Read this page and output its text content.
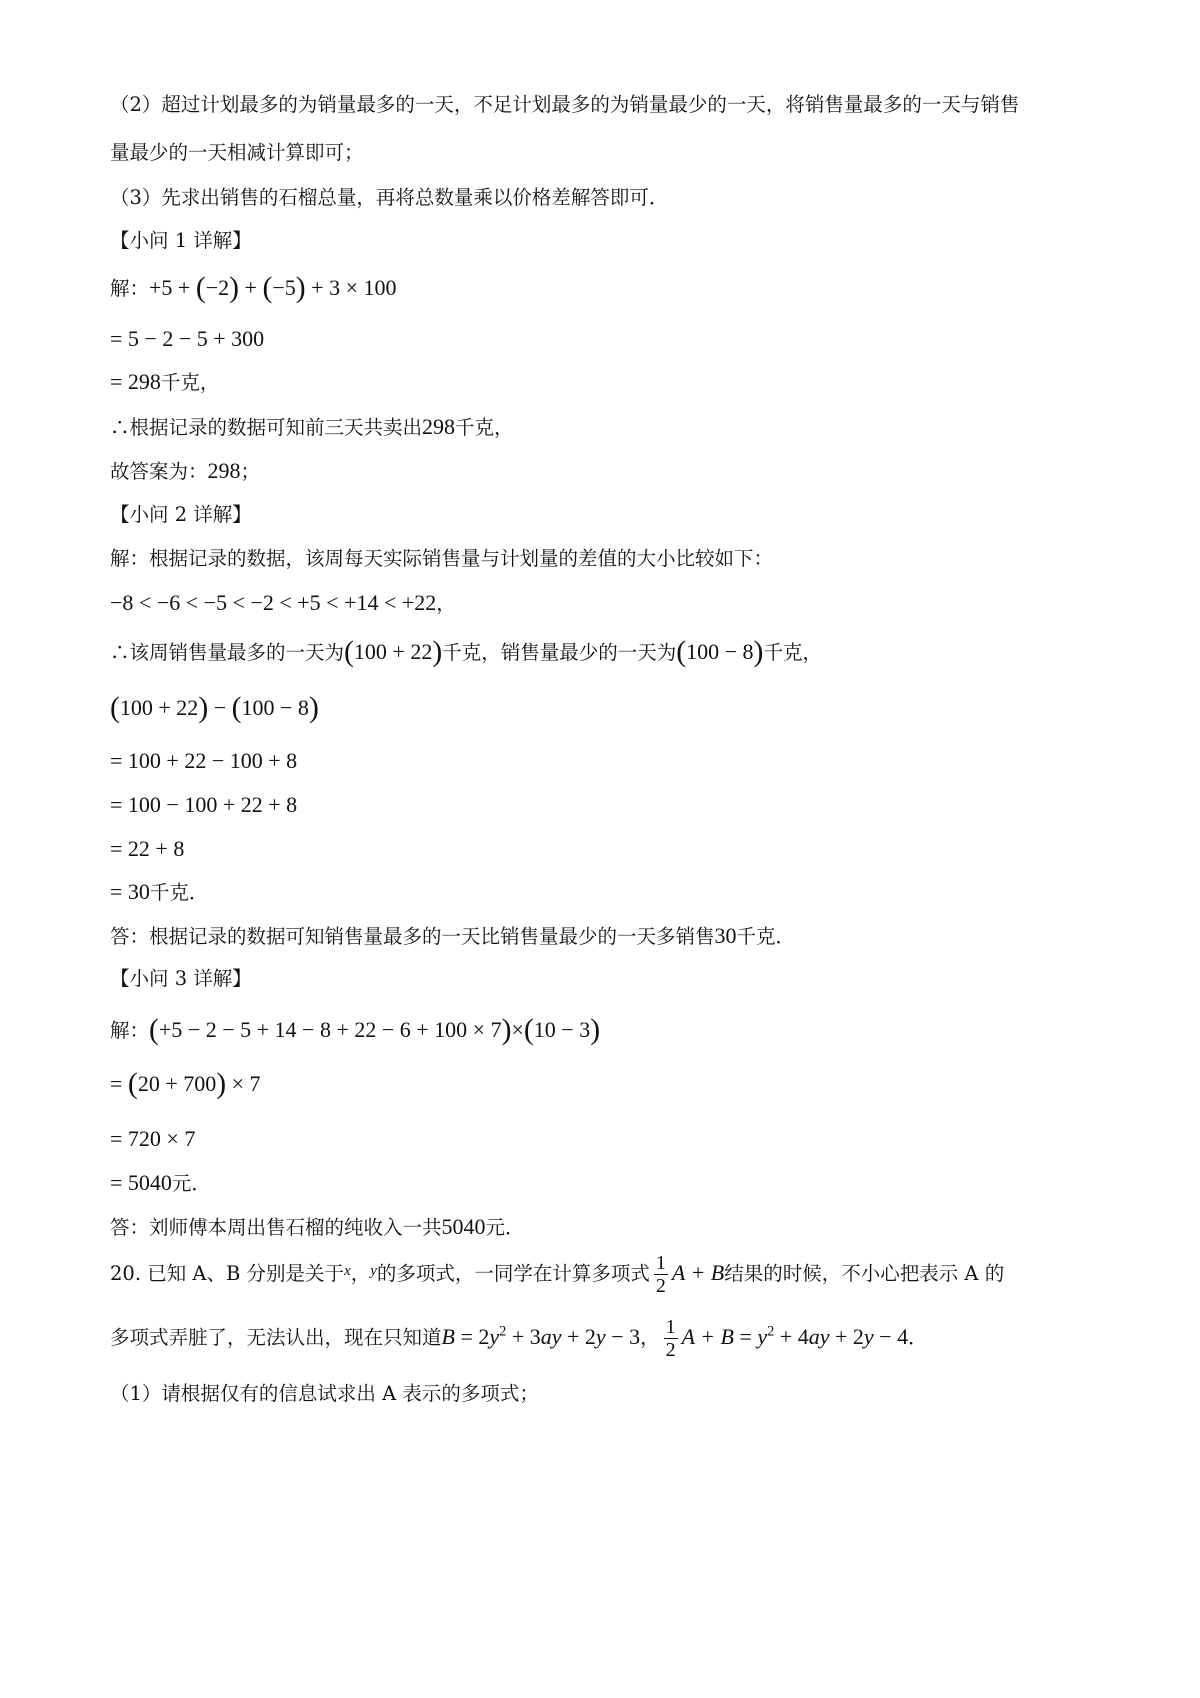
（2）超过计划最多的为销量最多的一天，不足计划最多的为销量最少的一天，将销售量最多的一天与销售
量最少的一天相减计算即可；
（3）先求出销售的石榴总量，再将总数量乘以价格差解答即可．
【小问 1 详解】
解：+5 + (−2) + (−5) + 3 × 100
= 5 − 2 − 5 + 300
= 298千克，
∴根据记录的数据可知前三天共卖出298千克，
故答案为：298；
【小问 2 详解】
解：根据记录的数据，该周每天实际销售量与计划量的差值的大小比较如下：
−8 < −6 < −5 < −2 < +5 < +14 < +22，
∴该周销售量最多的一天为(100 + 22)千克，销售量最少的一天为(100 − 8)千克，
(100 + 22) − (100 − 8)
= 100 + 22 − 100 + 8
= 100 − 100 + 22 + 8
= 22 + 8
= 30千克．
答：根据记录的数据可知销售量最多的一天比销售量最少的一天多销售30千克．
【小问 3 详解】
解：(+5 − 2 − 5 + 14 − 8 + 22 − 6 + 100 × 7)×(10 − 3)
= (20 + 700) × 7
= 720 × 7
= 5040元．
答：刘师傅本周出售石榴的纯收入一共5040元．
20. 已知 A、B 分别是关于$^x$，$^y$的多项式，一同学在计算多项式 $\frac{1}{2}$ A + B结果的时候，不小心把表示 A 的
多项式弄脏了，无法认出，现在只知道$B = 2y^2 + 3ay + 2y - 3$， $\frac{1}{2}$ $A + B = y^2 + 4ay + 2y - 4$．
（1）请根据仅有的信息试求出 A 表示的多项式；
